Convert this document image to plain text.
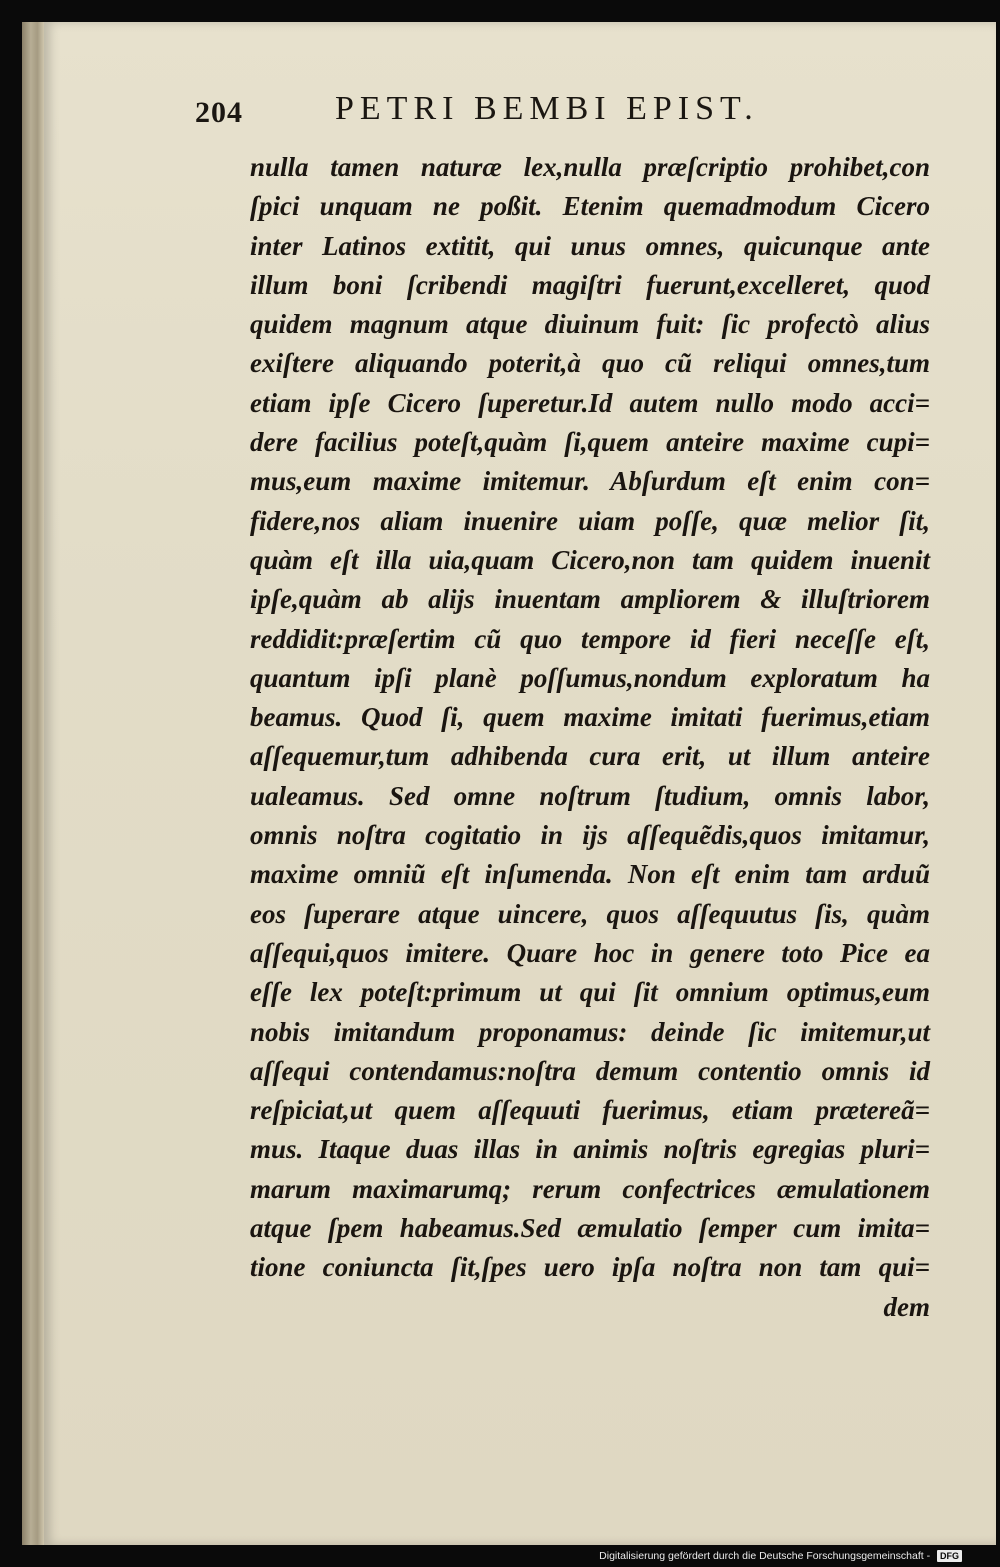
204	PETRI BEMBI EPIST.
nulla tamen naturæ lex,nulla præſcriptio prohibet,con
ſpici unquam ne poßit. Etenim quemadmodum Cicero
inter Latinos extitit, qui unus omnes, quicunque ante
illum boni ſcribendi magiſtri fuerunt,excelleret, quod
quidem magnum atque diuinum fuit: ſic profectò alius
exiſtere aliquando poterit,à quo cũ reliqui omnes,tum
etiam ipſe Cicero ſuperetur.Id autem nullo modo acci=
dere facilius poteſt,quàm ſi,quem anteire maxime cupi=
mus,eum maxime imitemur. Abſurdum eſt enim con=
fidere,nos aliam inuenire uiam poſſe, quæ melior ſit,
quàm eſt illa uia,quam Cicero,non tam quidem inuenit
ipſe,quàm ab alijs inuentam ampliorem & illuſtriorem
reddidit:præſertim cũ quo tempore id fieri neceſſe eſt,
quantum ipſi planè poſſumus,nondum exploratum ha
beamus. Quod ſi, quem maxime imitati fuerimus,etiam
aſſequemur,tum adhibenda cura erit, ut illum anteire
ualeamus. Sed omne noſtrum ſtudium, omnis labor,
omnis noſtra cogitatio in ijs aſſequẽdis,quos imitamur,
maxime omniũ eſt inſumenda. Non eſt enim tam arduũ
eos ſuperare atque uincere, quos aſſequutus ſis, quàm
aſſequi,quos imitere. Quare hoc in genere toto Pice ea
eſſe lex poteſt:primum ut qui ſit omnium optimus,eum
nobis imitandum proponamus: deinde ſic imitemur,ut
aſſequi contendamus:noſtra demum contentio omnis id
reſpiciat,ut quem aſſequuti fuerimus, etiam prætereã=
mus. Itaque duas illas in animis noſtris egregias pluri=
marum maximarumq; rerum confectrices æmulationem
atque ſpem habeamus.Sed æmulatio ſemper cum imita=
tione coniuncta ſit,ſpes uero ipſa noſtra non tam qui=
dem
Digitalisierung gefördert durch die Deutsche Forschungsgemeinschaft - DFG
